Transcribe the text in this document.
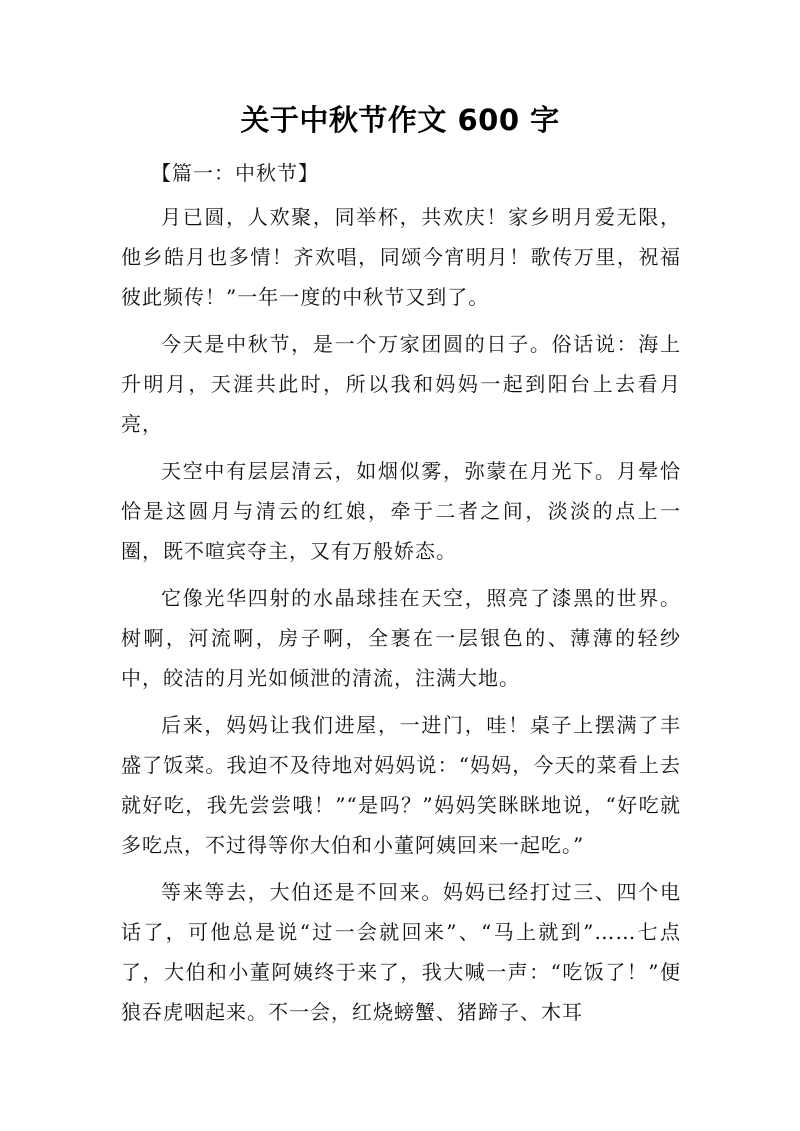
关于中秋节作文 600 字

【篇一：中秋节】

月已圆，人欢聚，同举杯，共欢庆！家乡明月爱无限，他乡皓月也多情！齐欢唱，同颂今宵明月！歌传万里，祝福彼此频传！”一年一度的中秋节又到了。

今天是中秋节，是一个万家团圆的日子。俗话说：海上升明月，天涯共此时，所以我和妈妈一起到阳台上去看月亮，

天空中有层层清云，如烟似雾，弥蒙在月光下。月晕恰恰是这圆月与清云的红娘，牵于二者之间，淡淡的点上一圈，既不喧宾夺主，又有万般娇态。

它像光华四射的水晶球挂在天空，照亮了漆黑的世界。树啊，河流啊，房子啊，全裹在一层银色的、薄薄的轻纱中，皎洁的月光如倾泄的清流，注满大地。

后来，妈妈让我们进屋，一进门，哇！桌子上摆满了丰盛了饭菜。我迫不及待地对妈妈说：“妈妈，今天的菜看上去就好吃，我先尝尝哦！”“是吗？”妈妈笑眯眯地说，“好吃就多吃点，不过得等你大伯和小董阿姨回来一起吃。”

等来等去，大伯还是不回来。妈妈已经打过三、四个电话了，可他总是说“过一会就回来”、“马上就到”……七点了，大伯和小董阿姨终于来了，我大喊一声：“吃饭了！”便狼吞虎咽起来。不一会，红烧螃蟹、猪蹄子、木耳
